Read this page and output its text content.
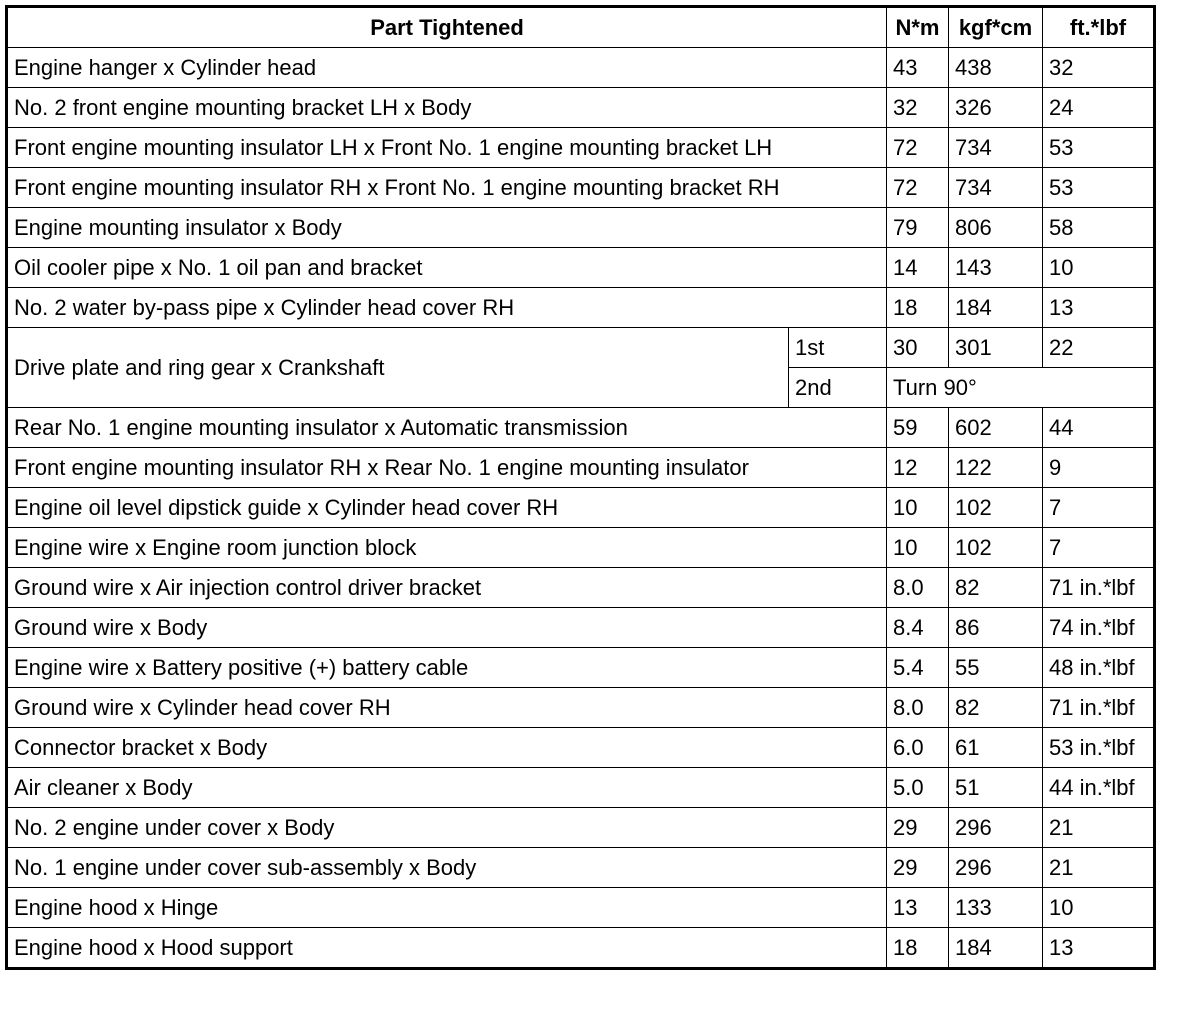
Part Tightened		N*m	kgf*cm	ft.*lbf
Engine hanger x Cylinder head		43	438	32
No. 2 front engine mounting bracket LH x Body		32	326	24
Front engine mounting insulator LH x Front No. 1 engine mounting bracket LH		72	734	53
Front engine mounting insulator RH x Front No. 1 engine mounting bracket RH		72	734	53
Engine mounting insulator x Body		79	806	58
Oil cooler pipe x No. 1 oil pan and bracket		14	143	10
No. 2 water by-pass pipe x Cylinder head cover RH		18	184	13
Drive plate and ring gear x Crankshaft	1st	30	301	22
	2nd	Turn 90°		
Rear No. 1 engine mounting insulator x Automatic transmission		59	602	44
Front engine mounting insulator RH x Rear No. 1 engine mounting insulator		12	122	9
Engine oil level dipstick guide x Cylinder head cover RH		10	102	7
Engine wire x Engine room junction block		10	102	7
Ground wire x Air injection control driver bracket		8.0	82	71 in.*lbf
Ground wire x Body		8.4	86	74 in.*lbf
Engine wire x Battery positive (+) battery cable		5.4	55	48 in.*lbf
Ground wire x Cylinder head cover RH		8.0	82	71 in.*lbf
Connector bracket x Body		6.0	61	53 in.*lbf
Air cleaner x Body		5.0	51	44 in.*lbf
No. 2 engine under cover x Body		29	296	21
No. 1 engine under cover sub-assembly x Body		29	296	21
Engine hood x Hinge		13	133	10
Engine hood x Hood support		18	184	13
